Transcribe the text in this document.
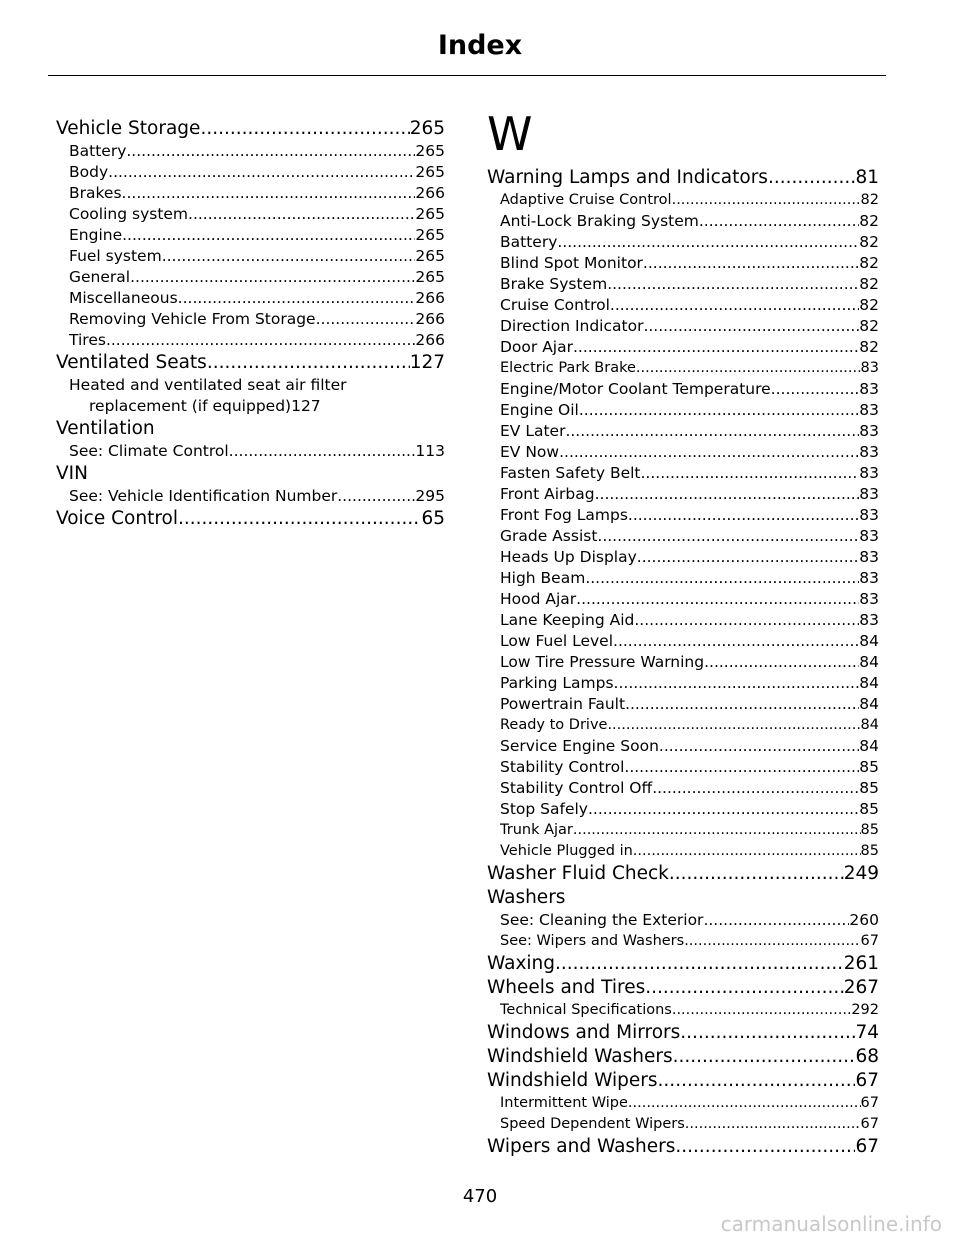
Index
Vehicle Storage .....	265
Battery .....	265
Body .....	265
Brakes .....	266
Cooling system .....	265
Engine .....	265
Fuel system .....	265
General .....	265
Miscellaneous .....	266
Removing Vehicle From Storage .....	266
Tires .....	266
Ventilated Seats .....	127
Heated and ventilated seat air filter
replacement (if equipped) 127
Ventilation
See: Climate Control .....	113
VIN
See: Vehicle Identification Number .....	295
Voice Control .....	65
W
Warning Lamps and Indicators .....	81
Adaptive Cruise Control .....	82
Anti-Lock Braking System .....	82
Battery .....	82
Blind Spot Monitor .....	82
Brake System .....	82
Cruise Control .....	82
Direction Indicator .....	82
Door Ajar .....	82
Electric Park Brake .....	83
Engine/Motor Coolant Temperature .....	83
Engine Oil .....	83
EV Later .....	83
EV Now .....	83
Fasten Safety Belt .....	83
Front Airbag .....	83
Front Fog Lamps .....	83
Grade Assist .....	83
Heads Up Display .....	83
High Beam .....	83
Hood Ajar .....	83
Lane Keeping Aid .....	83
Low Fuel Level .....	84
Low Tire Pressure Warning .....	84
Parking Lamps .....	84
Powertrain Fault .....	84
Ready to Drive .....	84
Service Engine Soon .....	84
Stability Control .....	85
Stability Control Off .....	85
Stop Safely .....	85
Trunk Ajar .....	85
Vehicle Plugged in .....	85
Washer Fluid Check .....	249
Washers
See: Cleaning the Exterior .....	260
See: Wipers and Washers .....	67
Waxing .....	261
Wheels and Tires .....	267
Technical Specifications .....	292
Windows and Mirrors .....	74
Windshield Washers .....	68
Windshield Wipers .....	67
Intermittent Wipe .....	67
Speed Dependent Wipers .....	67
Wipers and Washers .....	67
470
carmanualsonline.info
